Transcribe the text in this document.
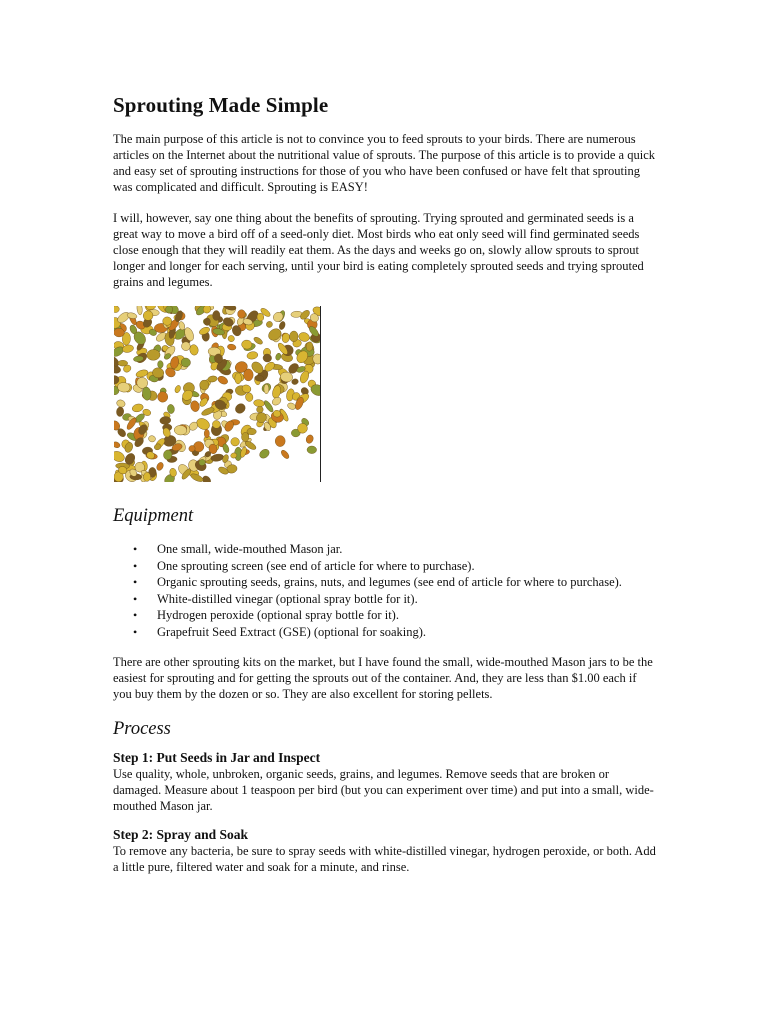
Sprouting Made Simple

The main purpose of this article is not to convince you to feed sprouts to your birds. There are numerous articles on the Internet about the nutritional value of sprouts. The purpose of this article is to provide a quick and easy set of sprouting instructions for those of you who have been confused or have felt that sprouting was complicated and difficult. Sprouting is EASY!

I will, however, say one thing about the benefits of sprouting. Trying sprouted and germinated seeds is a great way to move a bird off of a seed-only diet. Most birds who eat only seed will find germinated seeds close enough that they will readily eat them. As the days and weeks go on, slowly allow sprouts to sprout longer and longer for each serving, until your bird is eating completely sprouted seeds and trying sprouted grains and legumes.

Equipment
• One small, wide-mouthed Mason jar.
• One sprouting screen (see end of article for where to purchase).
• Organic sprouting seeds, grains, nuts, and legumes (see end of article for where to purchase).
• White-distilled vinegar (optional spray bottle for it).
• Hydrogen peroxide (optional spray bottle for it).
• Grapefruit Seed Extract (GSE) (optional for soaking).

There are other sprouting kits on the market, but I have found the small, wide-mouthed Mason jars to be the easiest for sprouting and for getting the sprouts out of the container. And, they are less than $1.00 each if you buy them by the dozen or so. They are also excellent for storing pellets.

Process
Step 1: Put Seeds in Jar and Inspect

Use quality, whole, unbroken, organic seeds, grains, and legumes. Remove seeds that are broken or damaged. Measure about 1 teaspoon per bird (but you can experiment over time) and put into a small, wide-mouthed Mason jar.

Step 2: Spray and Soak

To remove any bacteria, be sure to spray seeds with white-distilled vinegar, hydrogen peroxide, or both. Add a little pure, filtered water and soak for a minute, and rinse.
